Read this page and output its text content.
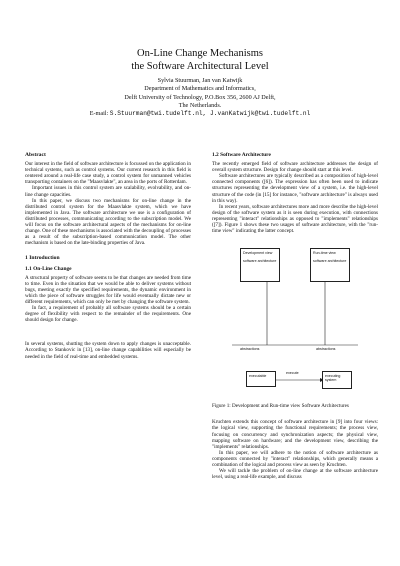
On-Line Change Mechanisms
the Software Architectural Level
Sylvia Stuurman, Jan van Katwijk
Department of Mathematics and Informatics,
Delft University of Technology, P.O.Box 356, 2600 AJ Delft,
The Netherlands.
E-mail: S.Stuurman@twi.tudelft.nl, J.vanKatwijk@twi.tudelft.nl
Abstract

Our interest in the field of software architecture is focussed on the application in technical systems, such as control systems. Our current research in this field is centered around a real-life case study, a control system for unmanned vehicles transporting containers on the "Maasvlakte", an area in the ports of Rotterdam.

Important issues in this control system are scalability, evolvability, and on-line change capacities.

In this paper, we discuss two mechanisms for on-line change in the distributed control system for the Maasvlakte system, which we have implemented in Java. The software architecture we use is a configuration of distributed processes, communicating according to the subscription model. We will focus on the software architectural aspects of the mechanisms for on-line change. One of these mechanisms is associated with the decoupling of processes as a result of the subscription-based communication model. The other mechanism is based on the late-binding properties of Java.

1 Introduction
1.1 On-Line Change

A structural property of software seems to be that changes are needed from time to time. Even in the situation that we would be able to deliver systems without bugs, meeting exactly the specified requirements, the dynamic environment in which the piece of software struggles for life would eventually dictate new or different requirements, which can only be met by changing the software system.

In fact, a requirement of probably all software systems should be a certain degree of flexibility with respect to the remainder of the requirements. One should design for change.

In several systems, shutting the system down to apply changes is unacceptable. According to Stankovic in [13], on-line change capabilities will especially be needed in the field of real-time and embedded systems.

1.2 Software Architecture

The recently emerged field of software architecture addresses the design of overall system structure. Design for change should start at this level.

Software architectures are typically described as a composition of high-level connected components ([6]). The expression has often been used to indicate structures representing the development view of a system, i.e. the high-level structure of the code (in [15] for instance, "software architecture" is always used in this way).

In recent years, software architectures more and more describe the high-level design of the software system as it is seen during execution, with connections representing "interact" relationships as opposed to "implements" relationships ([7]). Figure 1 shows these two usages of software architecture, with the "run-time view" indicating the latter concept.

Development view
software architecture
Run-time view
software architecture
abstractions	abstractions
executable
execute
executing system
Figure 1: Development and Run-time view Software Architectures

Kruchten extends this concept of software architecture in [9] into four views: the logical view, supporting the functional requirements; the process view, focusing on concurrency and synchronization aspects; the physical view, mapping software on hardware; and the development view, describing the "implements" relationships.

In this paper, we will adhere to the notion of software architecture as components connected by "interact" relationships, which generally means a combination of the logical and process view as seen by Kruchten.

We will tackle the problem of on-line change at the software architecture level, using a real-life example, and discuss
